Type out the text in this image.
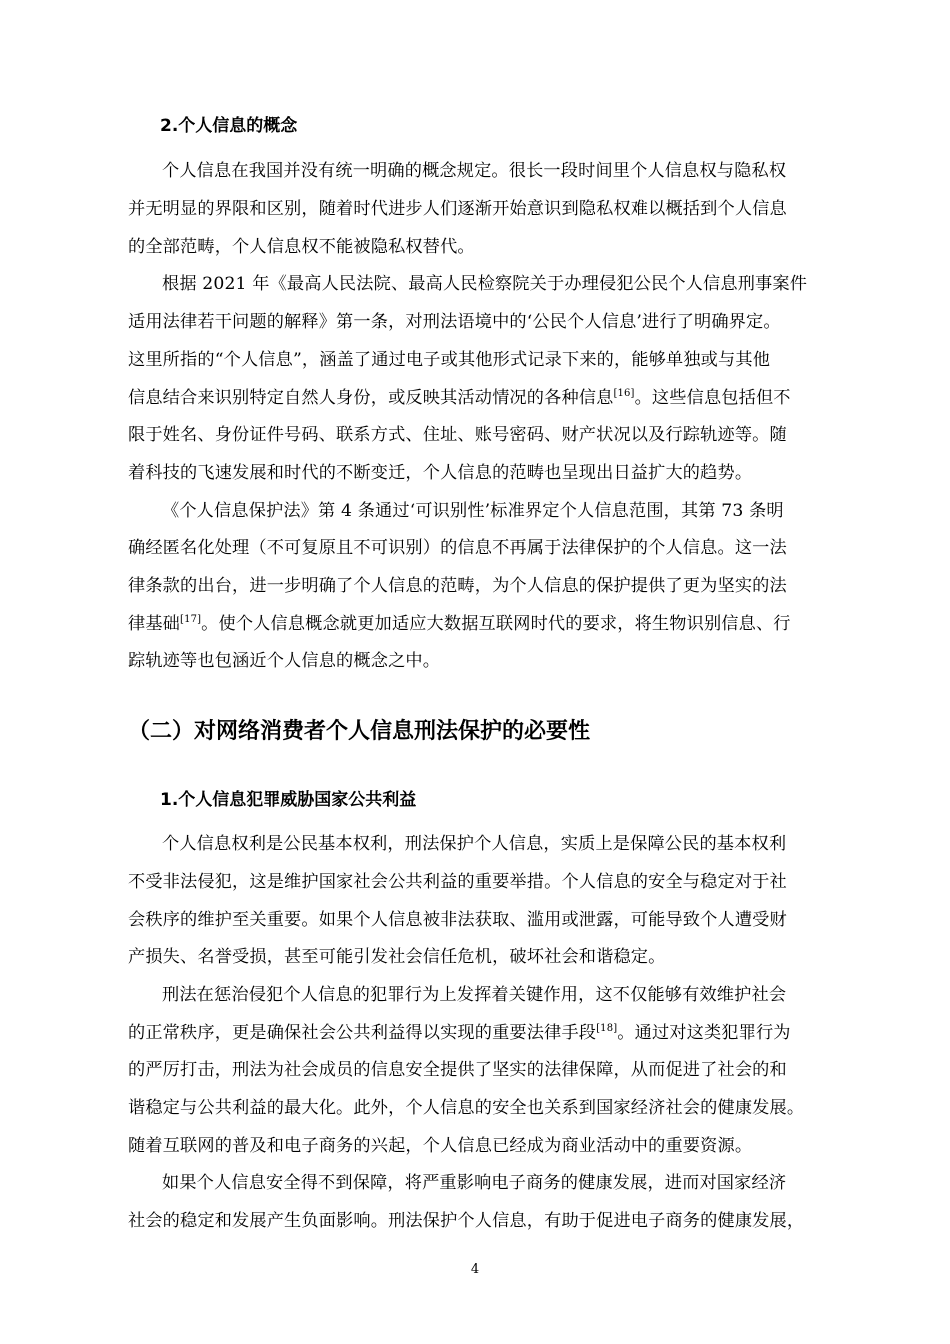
2.个人信息的概念
个人信息在我国并没有统一明确的概念规定。很长一段时间里个人信息权与隐私权
并无明显的界限和区别，随着时代进步人们逐渐开始意识到隐私权难以概括到个人信息
的全部范畴，个人信息权不能被隐私权替代。
根据 2021 年《最高人民法院、最高人民检察院关于办理侵犯公民个人信息刑事案件
适用法律若干问题的解释》第一条，对刑法语境中的‘公民个人信息’进行了明确界定。
这里所指的“个人信息”，涵盖了通过电子或其他形式记录下来的，能够单独或与其他
信息结合来识别特定自然人身份，或反映其活动情况的各种信息[16]。这些信息包括但不
限于姓名、身份证件号码、联系方式、住址、账号密码、财产状况以及行踪轨迹等。随
着科技的飞速发展和时代的不断变迁，个人信息的范畴也呈现出日益扩大的趋势。
《个人信息保护法》第 4 条通过‘可识别性’标准界定个人信息范围，其第 73 条明
确经匿名化处理（不可复原且不可识别）的信息不再属于法律保护的个人信息。这一法
律条款的出台，进一步明确了个人信息的范畴，为个人信息的保护提供了更为坚实的法
律基础[17]。使个人信息概念就更加适应大数据互联网时代的要求，将生物识别信息、行
踪轨迹等也包涵近个人信息的概念之中。
（二）对网络消费者个人信息刑法保护的必要性
1.个人信息犯罪威胁国家公共利益
个人信息权利是公民基本权利，刑法保护个人信息，实质上是保障公民的基本权利
不受非法侵犯，这是维护国家社会公共利益的重要举措。个人信息的安全与稳定对于社
会秩序的维护至关重要。如果个人信息被非法获取、滥用或泄露，可能导致个人遭受财
产损失、名誉受损，甚至可能引发社会信任危机，破坏社会和谐稳定。
刑法在惩治侵犯个人信息的犯罪行为上发挥着关键作用，这不仅能够有效维护社会
的正常秩序，更是确保社会公共利益得以实现的重要法律手段[18]。通过对这类犯罪行为
的严厉打击，刑法为社会成员的信息安全提供了坚实的法律保障，从而促进了社会的和
谐稳定与公共利益的最大化。此外，个人信息的安全也关系到国家经济社会的健康发展。
随着互联网的普及和电子商务的兴起，个人信息已经成为商业活动中的重要资源。
如果个人信息安全得不到保障，将严重影响电子商务的健康发展，进而对国家经济
社会的稳定和发展产生负面影响。刑法保护个人信息，有助于促进电子商务的健康发展，
4
